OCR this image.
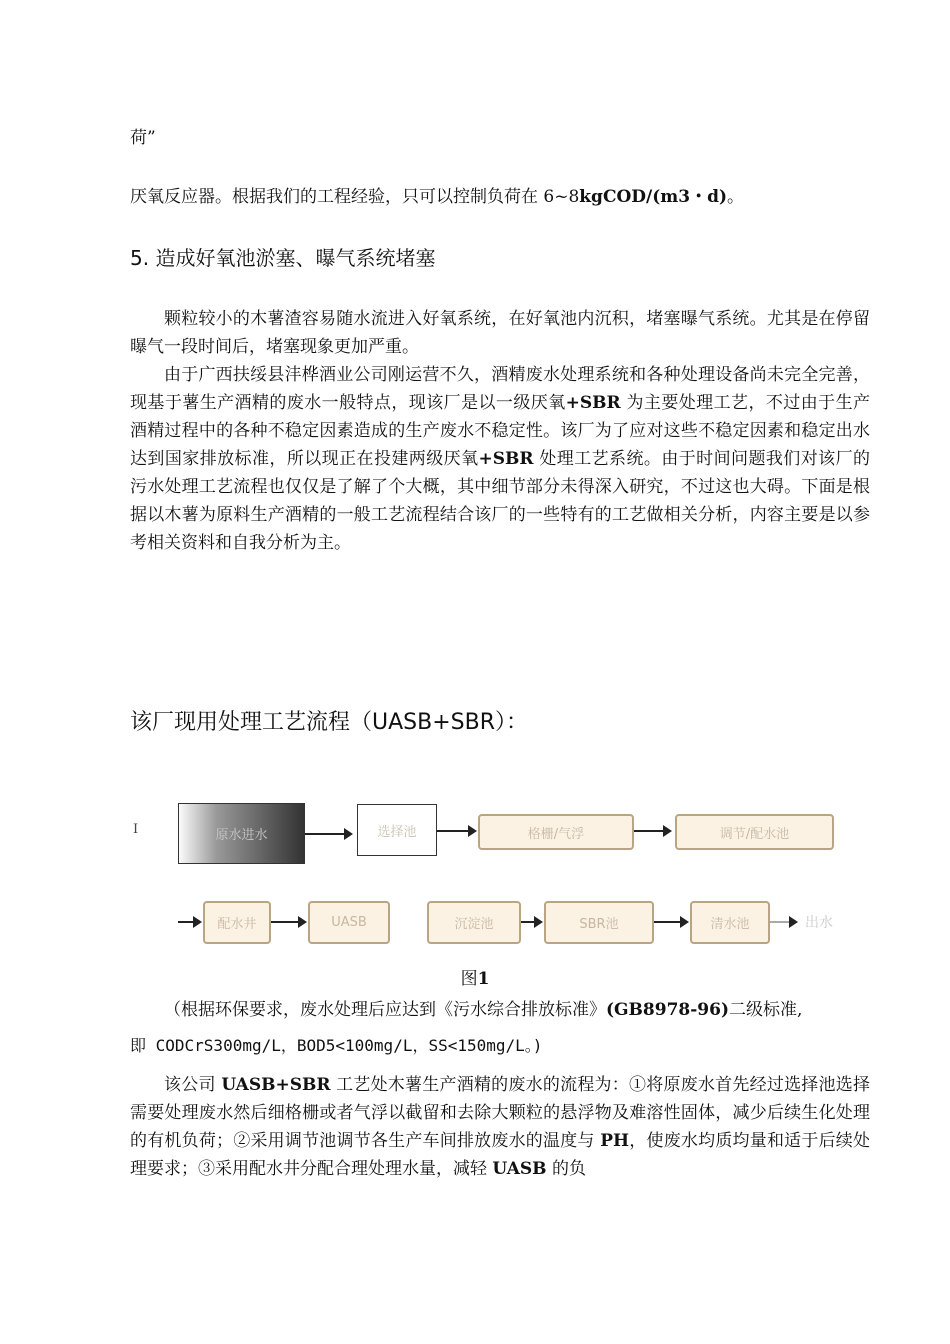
荷”

厌氧反应器。根据我们的工程经验，只可以控制负荷在 6~8kgCOD/(m3・d)。

5. 造成好氧池淤塞、曝气系统堵塞

颗粒较小的木薯渣容易随水流进入好氧系统，在好氧池内沉积，堵塞曝气系统。尤其是在停留曝气一段时间后，堵塞现象更加严重。

由于广西扶绥县沣桦酒业公司刚运营不久，酒精废水处理系统和各种处理设备尚未完全完善，现基于薯生产酒精的废水一般特点，现该厂是以一级厌氧+SBR 为主要处理工艺，不过由于生产酒精过程中的各种不稳定因素造成的生产废水不稳定性。该厂为了应对这些不稳定因素和稳定出水达到国家排放标准，所以现正在投建两级厌氧+SBR 处理工艺系统。由于时间问题我们对该厂的污水处理工艺流程也仅仅是了解了个大概，其中细节部分未得深入研究，不过这也大碍。下面是根据以木薯为原料生产酒精的一般工艺流程结合该厂的一些特有的工艺做相关分析，内容主要是以参考相关资料和自我分析为主。

该厂现用处理工艺流程（UASB+SBR）：
I	原水进水	选择池	格栅/气浮	调节/配水池
配水井	UASB	沉淀池	SBR池	清水池	出水
图1

（根据环保要求，废水处理后应达到《污水综合排放标准》(GB8978-96)二级标准,

即 CODCrS300mg/L，BOD5<100mg/L，SS<150mg/L。)

该公司 UASB+SBR 工艺处木薯生产酒精的废水的流程为：①将原废水首先经过选择池选择需要处理废水然后细格栅或者气浮以截留和去除大颗粒的悬浮物及难溶性固体，减少后续生化处理的有机负荷；②采用调节池调节各生产车间排放废水的温度与 PH，使废水均质均量和适于后续处理要求；③采用配水井分配合理处理水量，减轻 UASB 的负
